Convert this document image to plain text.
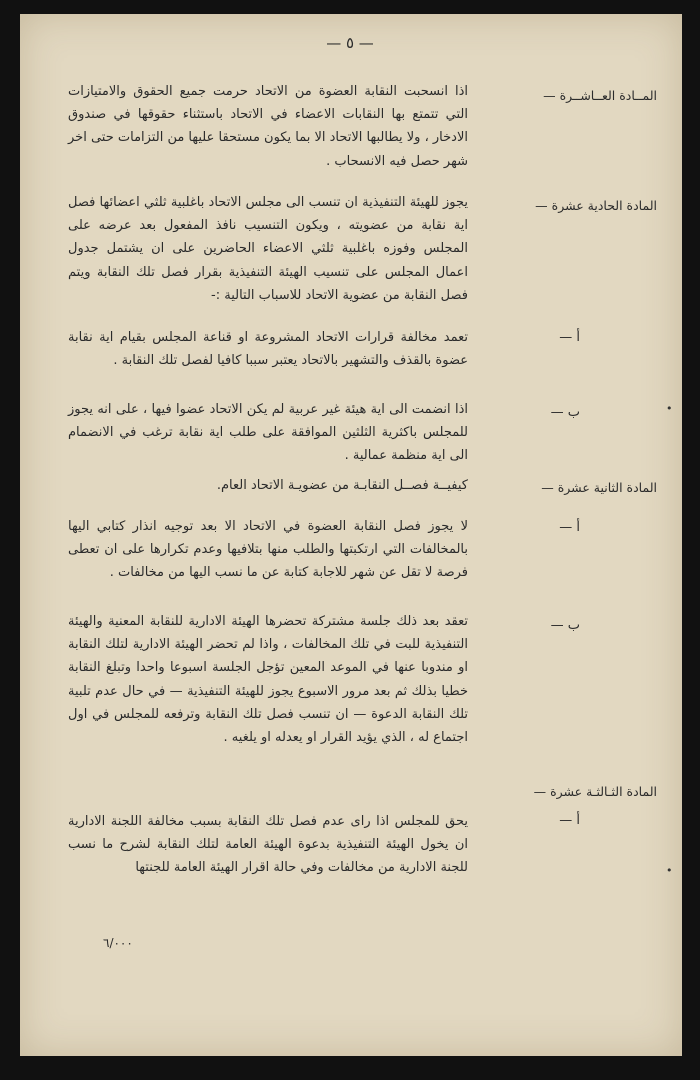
— ٥ —
المــادة العــاشــرة —
اذا انسحبت النقابة العضوة من الاتحاد حرمت جميع الحقوق والامتيازات التي تتمتع بها النقابات الاعضاء في الاتحاد باستثناء حقوقها في صندوق الادخار ، ولا يطالبها الاتحاد الا بما يكون مستحقا عليها من التزامات حتى اخر شهر حصل فيه الانسحاب .
المادة الحادية عشرة —
يجوز للهيئة التنفيذية ان تنسب الى مجلس الاتحاد باغلبية ثلثي اعضائها فصل اية نقابة من عضويته ، ويكون التنسيب نافذ المفعول بعد عرضه على المجلس وفوزه باغلبية ثلثي الاعضاء الحاضرين على ان يشتمل جدول اعمال المجلس على تنسيب الهيئة التنفيذية بقرار فصل تلك النقابة ويتم فصل النقابة من عضوية الاتحاد للاسباب التالية :-
أ —
تعمد مخالفة قرارات الاتحاد المشروعة او قناعة المجلس بقيام اية نقابة عضوة بالقذف والتشهير بالاتحاد يعتبر سببا كافيا لفصل تلك النقابة .
ب —
اذا انضمت الى اية هيئة غير عربية لم يكن الاتحاد عضوا فيها ، على انه يجوز للمجلس باكثرية الثلثين الموافقة على طلب اية نقابة ترغب في الانضمام الى اية منظمة عمالية .
المادة الثانية عشرة —
كيفيــة فصــل النقابـة من عضويـة الاتحاد العام.
أ —
لا يجوز فصل النقابة العضوة في الاتحاد الا بعد توجيه انذار كتابي اليها بالمخالفات التي ارتكبتها والطلب منها بتلافيها وعدم تكرارها على ان تعطى فرصة لا تقل عن شهر للاجابة كتابة عن ما نسب اليها من مخالفات .
ب —
تعقد بعد ذلك جلسة مشتركة تحضرها الهيئة الادارية للنقابة المعنية والهيئة التنفيذية للبت في تلك المخالفات ، واذا لم تحضر الهيئة الادارية لتلك النقابة او مندوبا عنها في الموعد المعين تؤجل الجلسة اسبوعا واحدا وتبلغ النقابة خطيا بذلك ثم بعد مرور الاسبوع يجوز للهيئة التنفيذية — في حال عدم تلبية تلك النقابة الدعوة — ان تنسب فصل تلك النقابة وترفعه للمجلس في اول اجتماع له ، الذي يؤيد القرار او يعدله او يلغيه .
المادة الثـالثـة عشرة —
أ —
يحق للمجلس اذا راى عدم فصل تلك النقابة بسبب مخالفة اللجنة الادارية ان يخول الهيئة التنفيذية بدعوة الهيئة العامة لتلك النقابة لشرح ما نسب للجنة الادارية من مخالفات وفي حالة اقرار الهيئة العامة للجنتها
٦/٠٠٠
•
•
